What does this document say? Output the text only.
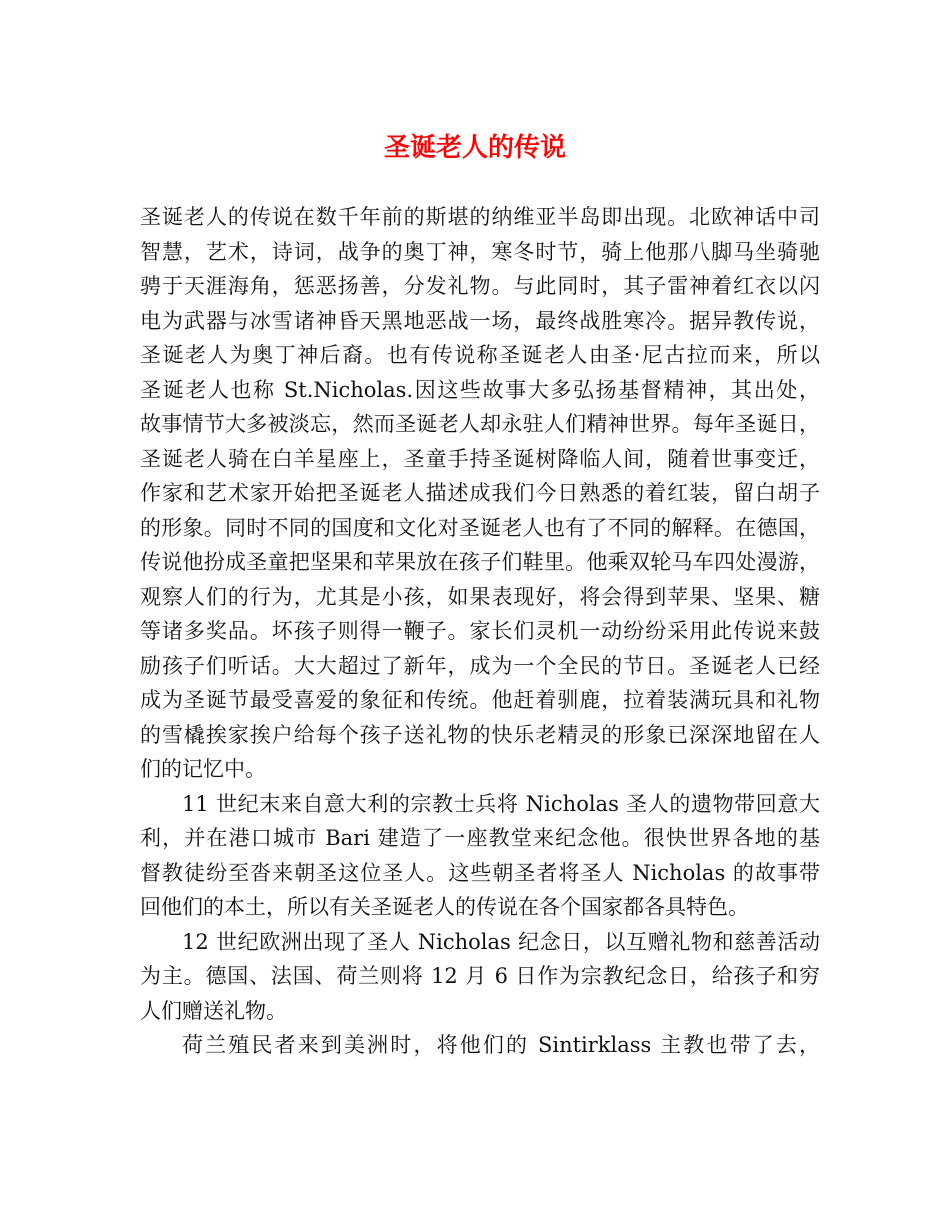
圣诞老人的传说
圣诞老人的传说在数千年前的斯堪的纳维亚半岛即出现。北欧神话中司
智慧，艺术，诗词，战争的奥丁神，寒冬时节，骑上他那八脚马坐骑驰
骋于天涯海角，惩恶扬善，分发礼物。与此同时，其子雷神着红衣以闪
电为武器与冰雪诸神昏天黑地恶战一场，最终战胜寒冷。据异教传说，
圣诞老人为奥丁神后裔。也有传说称圣诞老人由圣·尼古拉而来，所以
圣诞老人也称 St.Nicholas.因这些故事大多弘扬基督精神，其出处，
故事情节大多被淡忘，然而圣诞老人却永驻人们精神世界。每年圣诞日，
圣诞老人骑在白羊星座上，圣童手持圣诞树降临人间，随着世事变迁，
作家和艺术家开始把圣诞老人描述成我们今日熟悉的着红装，留白胡子
的形象。同时不同的国度和文化对圣诞老人也有了不同的解释。在德国，
传说他扮成圣童把坚果和苹果放在孩子们鞋里。他乘双轮马车四处漫游，
观察人们的行为，尤其是小孩，如果表现好，将会得到苹果、坚果、糖
等诸多奖品。坏孩子则得一鞭子。家长们灵机一动纷纷采用此传说来鼓
励孩子们听话。大大超过了新年，成为一个全民的节日。圣诞老人已经
成为圣诞节最受喜爱的象征和传统。他赶着驯鹿，拉着装满玩具和礼物
的雪橇挨家挨户给每个孩子送礼物的快乐老精灵的形象已深深地留在人
们的记忆中。
11 世纪末来自意大利的宗教士兵将 Nicholas 圣人的遗物带回意大
利，并在港口城市 Bari 建造了一座教堂来纪念他。很快世界各地的基
督教徒纷至沓来朝圣这位圣人。这些朝圣者将圣人 Nicholas 的故事带
回他们的本土，所以有关圣诞老人的传说在各个国家都各具特色。
12 世纪欧洲出现了圣人 Nicholas 纪念日，以互赠礼物和慈善活动
为主。德国、法国、荷兰则将 12 月 6 日作为宗教纪念日，给孩子和穷
人们赠送礼物。
荷兰殖民者来到美洲时，将他们的 Sintirklass 主教也带了去，
